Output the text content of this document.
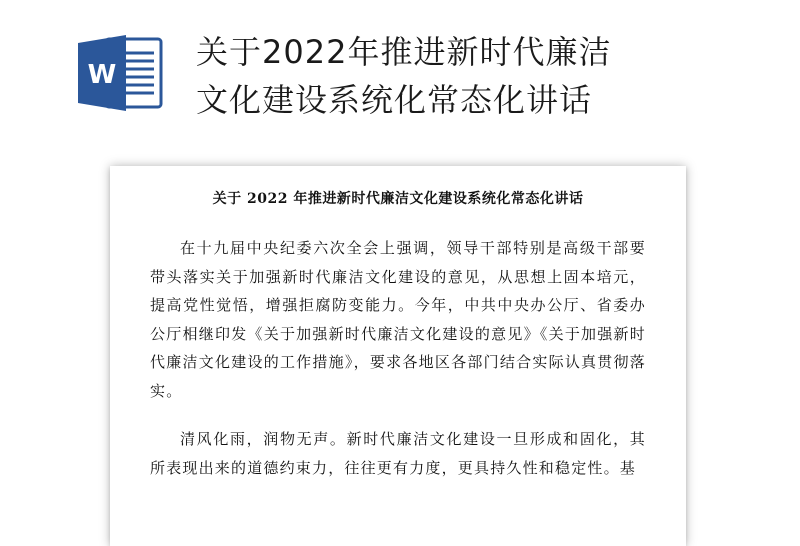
W
关于2022年推进新时代廉洁
文化建设系统化常态化讲话
关于 2022 年推进新时代廉洁文化建设系统化常态化讲话

在十九届中央纪委六次全会上强调，领导干部特别是高级干部要带头落实关于加强新时代廉洁文化建设的意见，从思想上固本培元，提高党性觉悟，增强拒腐防变能力。今年，中共中央办公厅、省委办公厅相继印发《关于加强新时代廉洁文化建设的意见》《关于加强新时代廉洁文化建设的工作措施》，要求各地区各部门结合实际认真贯彻落实。

清风化雨，润物无声。新时代廉洁文化建设一旦形成和固化，其所表现出来的道德约束力，往往更有力度，更具持久性和稳定性。基
